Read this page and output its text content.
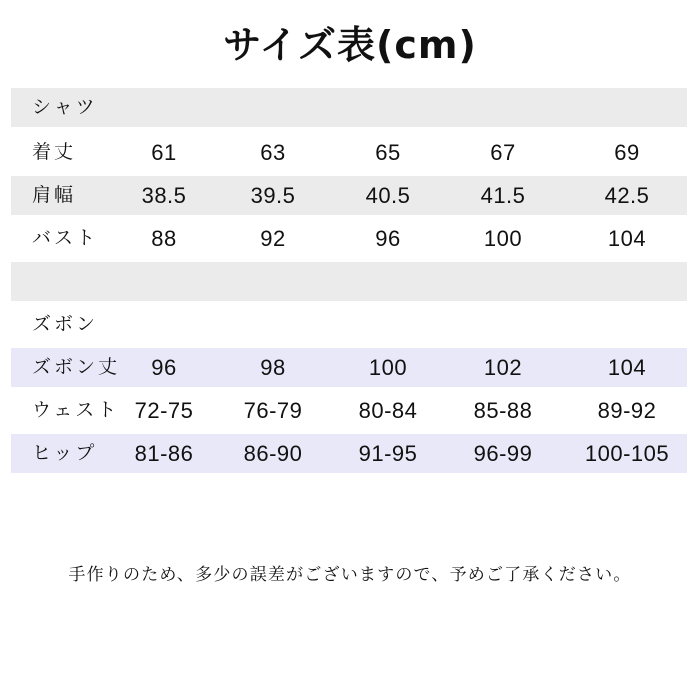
サイズ表(cm)
シャツ
着丈	61	63	65	67	69
肩幅	38.5	39.5	40.5	41.5	42.5
バスト	88	92	96	100	104
ズボン
ズボン丈	96	98	100	102	104
ウェスト 72-75	76-79	80-84	85-88	89-92
ヒップ	81-86	86-90	91-95	96-99	100-105
手作りのため、多少の誤差がございますので、予めご了承ください。
